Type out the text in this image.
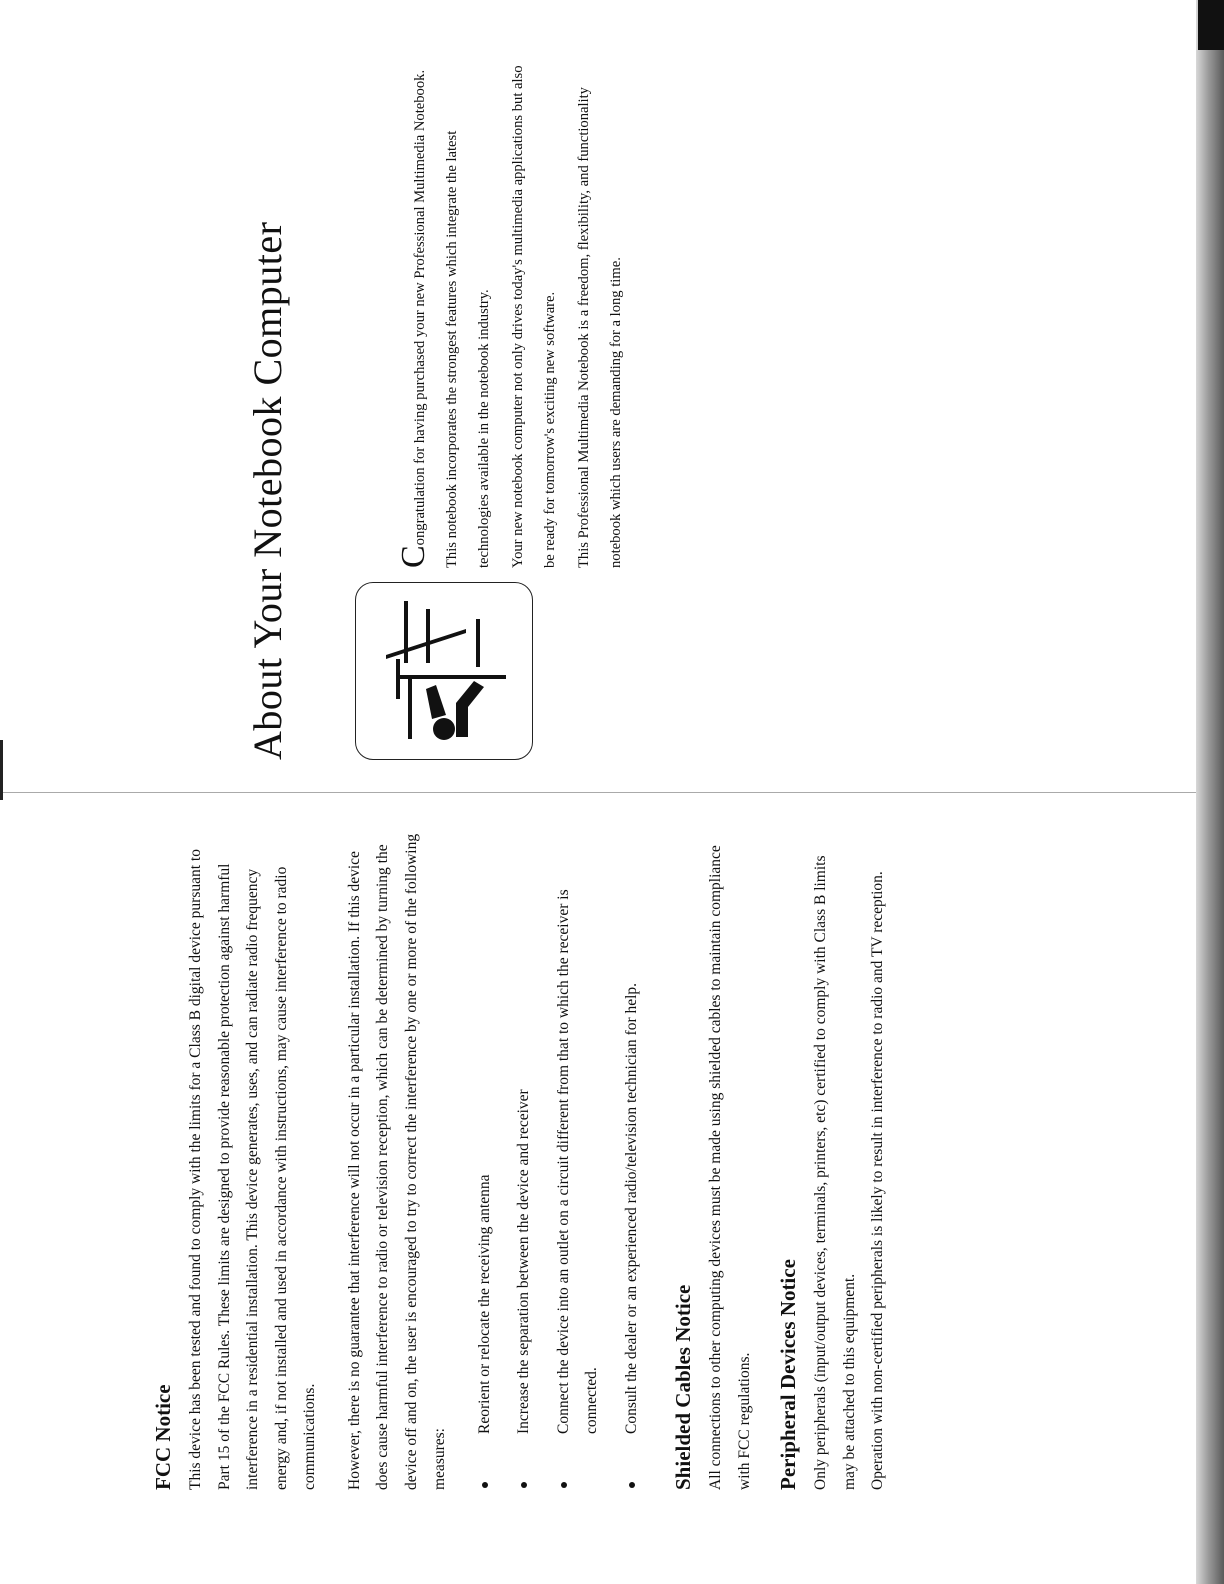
FCC Notice This device has been tested and found to comply with the limits for a Class B digital device pursuant to Part 15 of the FCC Rules. These limits are designed to provide reasonable protection against harmful interference in a residential installation. This device generates, uses, and can radiate radio frequency energy and, if not installed and used in accordance with instructions, may cause interference to radio communications.	However, there is no guarantee that interference will not occur in a particular installation. If this device does cause harmful interference to radio or television reception, which can be determined by turning the device off and on, the user is encouraged to try to correct the interference by one or more of the following measures:

Reorient or relocate the receiving antenna	Increase the separation between the device and receiver	Connect the device into an outlet on a circuit different from that to which the receiver is connected.	Consult the dealer or an experienced radio/television technician for help.	Shielded Cables Notice All connections to other computing devices must be made using shielded cables to maintain compliance with FCC regulations.	Peripheral Devices Notice Only peripherals (input/output devices, terminals, printers, etc) certified to comply with Class B limits may be attached to this equipment. Operation with non-certified peripherals is likely to result in interference to radio and TV reception.

About Your Notebook Computer	Congratulation for having purchased your new Professional Multimedia Notebook. This notebook incorporates the strongest features which integrate the latest technologies available in the notebook industry.	Your new notebook computer not only drives today's multimedia applications but also be ready for tomorrow's exciting new software.	This Professional Multimedia Notebook is a freedom, flexibility, and functionality notebook which users are demanding for a long time.
